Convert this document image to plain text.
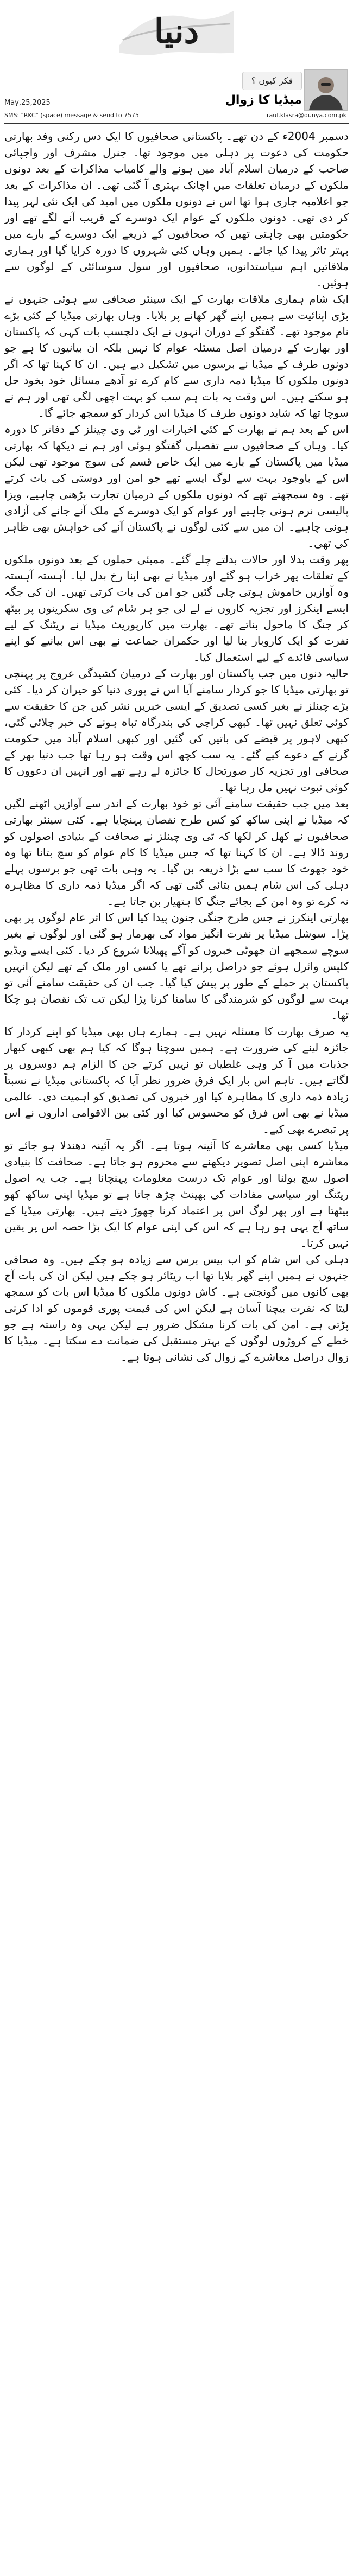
دنیا
فکر کیوں ؟
میڈیا کا زوال
May,25,2025
SMS: "RKC" (space) message & send to 7575	rauf.klasra@dunya.com.pk

دسمبر 2004ء کے دن تھے۔ پاکستانی صحافیوں کا ایک دس رکنی وفد بھارتی حکومت کی دعوت پر دہلی میں موجود تھا۔ جنرل مشرف اور واجپائی صاحب کے درمیان اسلام آباد میں ہونے والے کامیاب مذاکرات کے بعد دونوں ملکوں کے درمیان تعلقات میں اچانک بہتری آ گئی تھی۔ ان مذاکرات کے بعد جو اعلامیہ جاری ہوا تھا اس نے دونوں ملکوں میں امید کی ایک نئی لہر پیدا کر دی تھی۔ دونوں ملکوں کے عوام ایک دوسرے کے قریب آنے لگے تھے اور حکومتیں بھی چاہتی تھیں کہ صحافیوں کے ذریعے ایک دوسرے کے بارے میں بہتر تاثر پیدا کیا جائے۔ ہمیں وہاں کئی شہروں کا دورہ کرایا گیا اور ہماری ملاقاتیں اہم سیاستدانوں، صحافیوں اور سول سوسائٹی کے لوگوں سے ہوئیں۔

ایک شام ہماری ملاقات بھارت کے ایک سینئر صحافی سے ہوئی جنہوں نے بڑی اپنائیت سے ہمیں اپنے گھر کھانے پر بلایا۔ وہاں بھارتی میڈیا کے کئی بڑے نام موجود تھے۔ گفتگو کے دوران انہوں نے ایک دلچسپ بات کہی کہ پاکستان اور بھارت کے درمیان اصل مسئلہ عوام کا نہیں بلکہ ان بیانیوں کا ہے جو دونوں طرف کے میڈیا نے برسوں میں تشکیل دیے ہیں۔ ان کا کہنا تھا کہ اگر دونوں ملکوں کا میڈیا ذمہ داری سے کام کرے تو آدھے مسائل خود بخود حل ہو سکتے ہیں۔ اس وقت یہ بات ہم سب کو بہت اچھی لگی تھی اور ہم نے سوچا تھا کہ شاید دونوں طرف کا میڈیا اس کردار کو سمجھ جائے گا۔

اس کے بعد ہم نے بھارت کے کئی اخبارات اور ٹی وی چینلز کے دفاتر کا دورہ کیا۔ وہاں کے صحافیوں سے تفصیلی گفتگو ہوئی اور ہم نے دیکھا کہ بھارتی میڈیا میں پاکستان کے بارے میں ایک خاص قسم کی سوچ موجود تھی لیکن اس کے باوجود بہت سے لوگ ایسے تھے جو امن اور دوستی کی بات کرتے تھے۔ وہ سمجھتے تھے کہ دونوں ملکوں کے درمیان تجارت بڑھنی چاہیے، ویزا پالیسی نرم ہونی چاہیے اور عوام کو ایک دوسرے کے ملک آنے جانے کی آزادی ہونی چاہیے۔ ان میں سے کئی لوگوں نے پاکستان آنے کی خواہش بھی ظاہر کی تھی۔

پھر وقت بدلا اور حالات بدلتے چلے گئے۔ ممبئی حملوں کے بعد دونوں ملکوں کے تعلقات پھر خراب ہو گئے اور میڈیا نے بھی اپنا رخ بدل لیا۔ آہستہ آہستہ وہ آوازیں خاموش ہوتی چلی گئیں جو امن کی بات کرتی تھیں۔ ان کی جگہ ایسے اینکرز اور تجزیہ کاروں نے لے لی جو ہر شام ٹی وی سکرینوں پر بیٹھ کر جنگ کا ماحول بناتے تھے۔ بھارت میں کارپوریٹ میڈیا نے ریٹنگ کے لیے نفرت کو ایک کاروبار بنا لیا اور حکمران جماعت نے بھی اس بیانیے کو اپنے سیاسی فائدے کے لیے استعمال کیا۔

حالیہ دنوں میں جب پاکستان اور بھارت کے درمیان کشیدگی عروج پر پہنچی تو بھارتی میڈیا کا جو کردار سامنے آیا اس نے پوری دنیا کو حیران کر دیا۔ کئی بڑے چینلز نے بغیر کسی تصدیق کے ایسی خبریں نشر کیں جن کا حقیقت سے کوئی تعلق نہیں تھا۔ کبھی کراچی کی بندرگاہ تباہ ہونے کی خبر چلائی گئی، کبھی لاہور پر قبضے کی باتیں کی گئیں اور کبھی اسلام آباد میں حکومت گرنے کے دعوے کیے گئے۔ یہ سب کچھ اس وقت ہو رہا تھا جب دنیا بھر کے صحافی اور تجزیہ کار صورتحال کا جائزہ لے رہے تھے اور انہیں ان دعووں کا کوئی ثبوت نہیں مل رہا تھا۔

بعد میں جب حقیقت سامنے آئی تو خود بھارت کے اندر سے آوازیں اٹھنے لگیں کہ میڈیا نے اپنی ساکھ کو کس طرح نقصان پہنچایا ہے۔ کئی سینئر بھارتی صحافیوں نے کھل کر لکھا کہ ٹی وی چینلز نے صحافت کے بنیادی اصولوں کو روند ڈالا ہے۔ ان کا کہنا تھا کہ جس میڈیا کا کام عوام کو سچ بتانا تھا وہ خود جھوٹ کا سب سے بڑا ذریعہ بن گیا۔ یہ وہی بات تھی جو برسوں پہلے دہلی کی اس شام ہمیں بتائی گئی تھی کہ اگر میڈیا ذمہ داری کا مظاہرہ نہ کرے تو وہ امن کے بجائے جنگ کا ہتھیار بن جاتا ہے۔

بھارتی اینکرز نے جس طرح جنگی جنون پیدا کیا اس کا اثر عام لوگوں پر بھی پڑا۔ سوشل میڈیا پر نفرت انگیز مواد کی بھرمار ہو گئی اور لوگوں نے بغیر سوچے سمجھے ان جھوٹی خبروں کو آگے پھیلانا شروع کر دیا۔ کئی ایسے ویڈیو کلپس وائرل ہوئے جو دراصل پرانے تھے یا کسی اور ملک کے تھے لیکن انہیں پاکستان پر حملے کے طور پر پیش کیا گیا۔ جب ان کی حقیقت سامنے آئی تو بہت سے لوگوں کو شرمندگی کا سامنا کرنا پڑا لیکن تب تک نقصان ہو چکا تھا۔

یہ صرف بھارت کا مسئلہ نہیں ہے۔ ہمارے ہاں بھی میڈیا کو اپنے کردار کا جائزہ لینے کی ضرورت ہے۔ ہمیں سوچنا ہوگا کہ کیا ہم بھی کبھی کبھار جذبات میں آ کر وہی غلطیاں تو نہیں کرتے جن کا الزام ہم دوسروں پر لگاتے ہیں۔ تاہم اس بار ایک فرق ضرور نظر آیا کہ پاکستانی میڈیا نے نسبتاً زیادہ ذمہ داری کا مظاہرہ کیا اور خبروں کی تصدیق کو اہمیت دی۔ عالمی میڈیا نے بھی اس فرق کو محسوس کیا اور کئی بین الاقوامی اداروں نے اس پر تبصرے بھی کیے۔

میڈیا کسی بھی معاشرے کا آئینہ ہوتا ہے۔ اگر یہ آئینہ دھندلا ہو جائے تو معاشرہ اپنی اصل تصویر دیکھنے سے محروم ہو جاتا ہے۔ صحافت کا بنیادی اصول سچ بولنا اور عوام تک درست معلومات پہنچانا ہے۔ جب یہ اصول ریٹنگ اور سیاسی مفادات کی بھینٹ چڑھ جاتا ہے تو میڈیا اپنی ساکھ کھو بیٹھتا ہے اور پھر لوگ اس پر اعتماد کرنا چھوڑ دیتے ہیں۔ بھارتی میڈیا کے ساتھ آج یہی ہو رہا ہے کہ اس کی اپنی عوام کا ایک بڑا حصہ اس پر یقین نہیں کرتا۔

دہلی کی اس شام کو اب بیس برس سے زیادہ ہو چکے ہیں۔ وہ صحافی جنہوں نے ہمیں اپنے گھر بلایا تھا اب ریٹائر ہو چکے ہیں لیکن ان کی بات آج بھی کانوں میں گونجتی ہے۔ کاش دونوں ملکوں کا میڈیا اس بات کو سمجھ لیتا کہ نفرت بیچنا آسان ہے لیکن اس کی قیمت پوری قوموں کو ادا کرنی پڑتی ہے۔ امن کی بات کرنا مشکل ضرور ہے لیکن یہی وہ راستہ ہے جو خطے کے کروڑوں لوگوں کے بہتر مستقبل کی ضمانت دے سکتا ہے۔ میڈیا کا زوال دراصل معاشرے کے زوال کی نشانی ہوتا ہے۔
